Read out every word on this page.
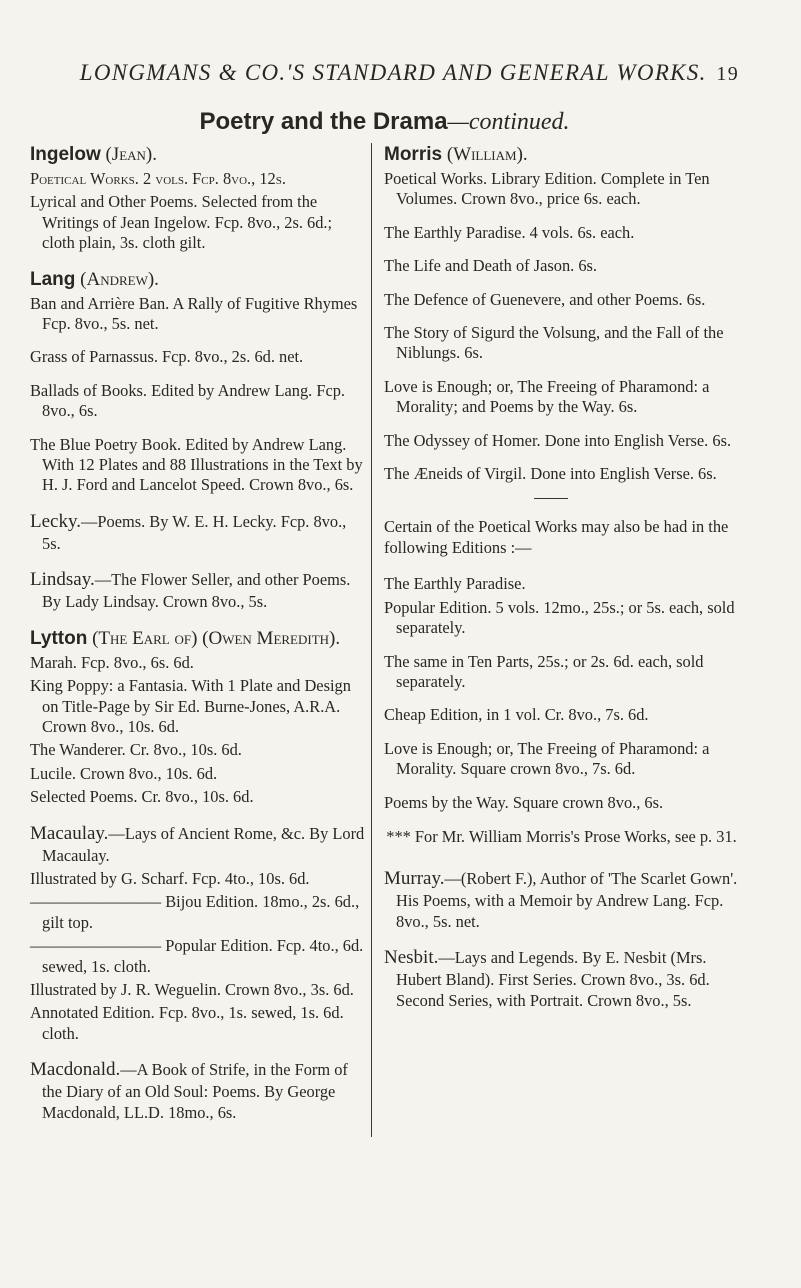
LONGMANS & CO.'S STANDARD AND GENERAL WORKS. 19
Poetry and the Drama—continued.
Ingelow (Jean).
Poetical Works. 2 vols. Fcp. 8vo., 12s.
Lyrical and Other Poems. Selected from the Writings of Jean Ingelow. Fcp. 8vo., 2s. 6d.; cloth plain, 3s. cloth gilt.
Lang (Andrew).
Ban and Arrière Ban. A Rally of Fugitive Rhymes Fcp. 8vo., 5s. net.
Grass of Parnassus. Fcp. 8vo., 2s. 6d. net.
Ballads of Books. Edited by Andrew Lang. Fcp. 8vo., 6s.
The Blue Poetry Book. Edited by Andrew Lang. With 12 Plates and 88 Illustrations in the Text by H. J. Ford and Lancelot Speed. Crown 8vo., 6s.
Lecky.—Poems. By W. E. H. Lecky. Fcp. 8vo., 5s.
Lindsay.—The Flower Seller, and other Poems. By Lady Lindsay. Crown 8vo., 5s.
Lytton (The Earl of) (Owen Meredith).
Marah. Fcp. 8vo., 6s. 6d.
King Poppy: a Fantasia. With 1 Plate and Design on Title-Page by Sir Ed. Burne-Jones, A.R.A. Crown 8vo., 10s. 6d.
The Wanderer. Cr. 8vo., 10s. 6d.
Lucile. Crown 8vo., 10s. 6d.
Selected Poems. Cr. 8vo., 10s. 6d.
Macaulay.—Lays of Ancient Rome, &c. By Lord Macaulay.
Illustrated by G. Scharf. Fcp. 4to., 10s. 6d.
———————— Bijou Edition. 18mo., 2s. 6d., gilt top.
———————— Popular Edition. Fcp. 4to., 6d. sewed, 1s. cloth.
Illustrated by J. R. Weguelin. Crown 8vo., 3s. 6d.
Annotated Edition. Fcp. 8vo., 1s. sewed, 1s. 6d. cloth.
Macdonald.—A Book of Strife, in the Form of the Diary of an Old Soul: Poems. By George Macdonald, LL.D. 18mo., 6s.
Morris (William).
Poetical Works. Library Edition. Complete in Ten Volumes. Crown 8vo., price 6s. each.
The Earthly Paradise. 4 vols. 6s. each.
The Life and Death of Jason. 6s.
The Defence of Guenevere, and other Poems. 6s.
The Story of Sigurd the Volsung, and the Fall of the Niblungs. 6s.
Love is Enough; or, The Freeing of Pharamond: a Morality; and Poems by the Way. 6s.
The Odyssey of Homer. Done into English Verse. 6s.
The Æneids of Virgil. Done into English Verse. 6s.
Certain of the Poetical Works may also be had in the following Editions :—
The Earthly Paradise.
Popular Edition. 5 vols. 12mo., 25s.; or 5s. each, sold separately.
The same in Ten Parts, 25s.; or 2s. 6d. each, sold separately.
Cheap Edition, in 1 vol. Cr. 8vo., 7s. 6d.
Love is Enough; or, The Freeing of Pharamond: a Morality. Square crown 8vo., 7s. 6d.
Poems by the Way. Square crown 8vo., 6s.
*** For Mr. William Morris's Prose Works, see p. 31.
Murray.—(Robert F.), Author of 'The Scarlet Gown'. His Poems, with a Memoir by Andrew Lang. Fcp. 8vo., 5s. net.
Nesbit.—Lays and Legends. By E. Nesbit (Mrs. Hubert Bland). First Series. Crown 8vo., 3s. 6d. Second Series, with Portrait. Crown 8vo., 5s.
